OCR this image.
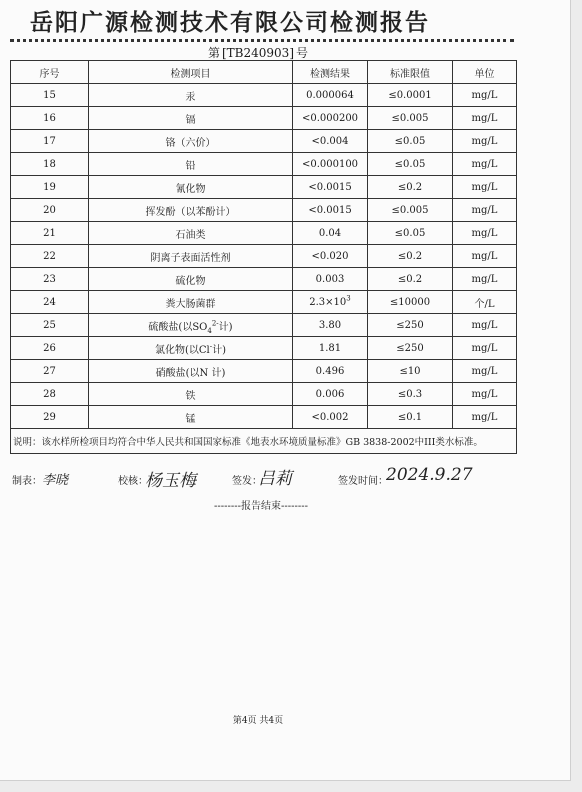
岳阳广源检测技术有限公司检测报告
第 [TB240903] 号
序号	检测项目	检测结果	标准限值	单位
15	汞	0.000064	≤0.0001	mg/L
16	镉	<0.000200	≤0.005	mg/L
17	铬（六价）	<0.004	≤0.05	mg/L
18	铅	<0.000100	≤0.05	mg/L
19	氰化物	<0.0015	≤0.2	mg/L
20	挥发酚（以苯酚计）	<0.0015	≤0.005	mg/L
21	石油类	0.04	≤0.05	mg/L
22	阴离子表面活性剂	<0.020	≤0.2	mg/L
23	硫化物	0.003	≤0.2	mg/L
24	粪大肠菌群	$2.3\times 10^3$	≤10000	个/L
25	硫酸盐(以$SO_4^{2-}$计)	3.80	≤250	mg/L
26	氯化物(以Cl-计)	1.81	≤250	mg/L
27	硝酸盐(以N 计)	0.496	≤10	mg/L
28	铁	0.006	≤0.3	mg/L
29	锰	<0.002	≤0.1	mg/L
说明：该水样所检项目均符合中华人民共和国国家标准《地表水环境质量标准》GB 3838-2002中III类水标准。				
制表： 李晓	校核：
杨玉梅	签发：
吕莉	签发时间：
2024.9.27
--------报告结束--------
第4页 共4页
